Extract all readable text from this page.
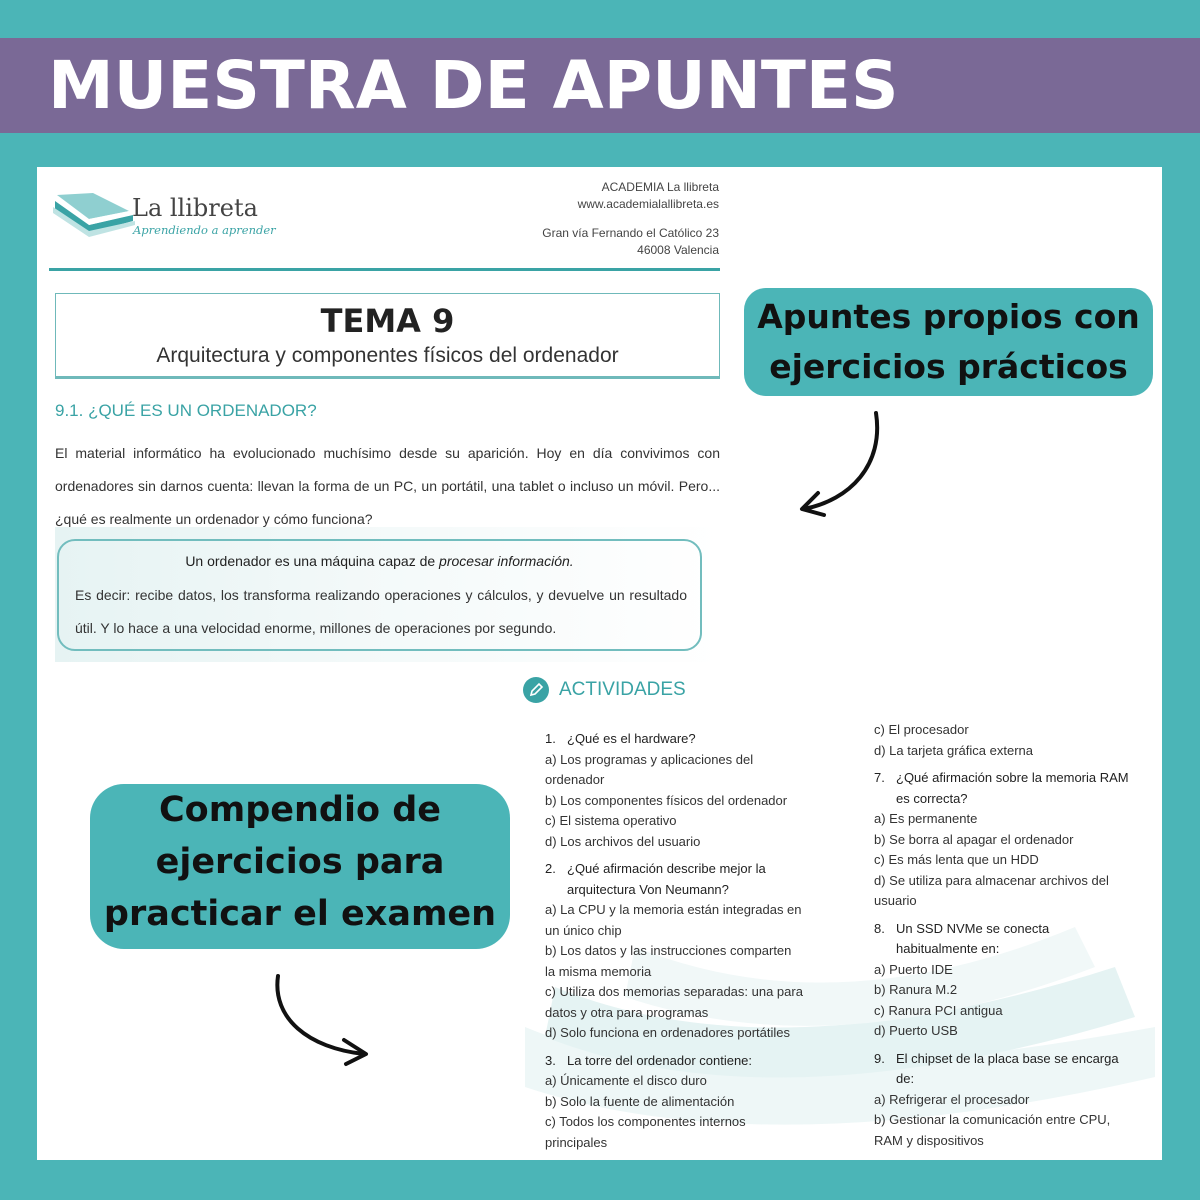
MUESTRA DE APUNTES
La llibreta
Aprendiendo a aprender
ACADEMIA La llibreta
www.academialallibreta.es
Gran vía Fernando el Católico 23
46008 Valencia
TEMA 9
Arquitectura y componentes físicos del ordenador
9.1. ¿QUÉ ES UN ORDENADOR?
El material informático ha evolucionado muchísimo desde su aparición. Hoy en día convivimos con ordenadores sin darnos cuenta: llevan la forma de un PC, un portátil, una tablet o incluso un móvil. Pero... ¿qué es realmente un ordenador y cómo funciona?
Un ordenador es una máquina capaz de procesar información.
Es decir: recibe datos, los transforma realizando operaciones y cálculos, y devuelve un resultado útil. Y lo hace a una velocidad enorme, millones de operaciones por segundo.
ACTIVIDADES
1. ¿Qué es el hardware?
a) Los programas y aplicaciones del ordenador
b) Los componentes físicos del ordenador
c) El sistema operativo
d) Los archivos del usuario
2. ¿Qué afirmación describe mejor la arquitectura Von Neumann?
a) La CPU y la memoria están integradas en un único chip
b) Los datos y las instrucciones comparten la misma memoria
c) Utiliza dos memorias separadas: una para datos y otra para programas
d) Solo funciona en ordenadores portátiles
3. La torre del ordenador contiene:
a) Únicamente el disco duro
b) Solo la fuente de alimentación
c) Todos los componentes internos principales
c) El procesador
d) La tarjeta gráfica externa
7. ¿Qué afirmación sobre la memoria RAM es correcta?
a) Es permanente
b) Se borra al apagar el ordenador
c) Es más lenta que un HDD
d) Se utiliza para almacenar archivos del usuario
8. Un SSD NVMe se conecta habitualmente en:
a) Puerto IDE
b) Ranura M.2
c) Ranura PCI antigua
d) Puerto USB
9. El chipset de la placa base se encarga de:
a) Refrigerar el procesador
b) Gestionar la comunicación entre CPU, RAM y dispositivos
Apuntes propios con
ejercicios prácticos
Compendio de
ejercicios para
practicar el examen
